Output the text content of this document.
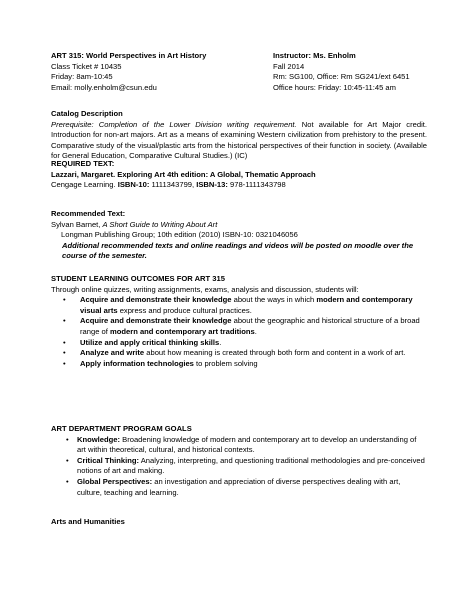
ART 315: World Perspectives in Art History
Class Ticket # 10435
Friday: 8am-10:45
Email: molly.enholm@csun.edu
Instructor: Ms. Enholm
Fall 2014
Rm: SG100, Office: Rm SG241/ext 6451
Office hours: Friday: 10:45-11:45 am
Catalog Description
Prerequisite: Completion of the Lower Division writing requirement. Not available for Art Major credit. Introduction for non-art majors. Art as a means of examining Western civilization from prehistory to the present. Comparative study of the visual/plastic arts from the historical perspectives of their function in society. (Available for General Education, Comparative Cultural Studies.) (IC)
REQUIRED TEXT:
Lazzari, Margaret. Exploring Art 4th edition: A Global, Thematic Approach
Cengage Learning. ISBN-10: 1111343799, ISBN-13: 978-1111343798
Recommended Text:
Sylvan Barnet, A Short Guide to Writing About Art
Longman Publishing Group; 10th edition (2010) ISBN-10: 0321046056
Additional recommended texts and online readings and videos will be posted on moodle over the course of the semester.
STUDENT LEARNING OUTCOMES FOR ART 315
Through online quizzes, writing assignments, exams, analysis and discussion, students will:
• Acquire and demonstrate their knowledge about the ways in which modern and contemporary visual arts express and produce cultural practices.
• Acquire and demonstrate their knowledge about the geographic and historical structure of a broad range of modern and contemporary art traditions.
• Utilize and apply critical thinking skills.
• Analyze and write about how meaning is created through both form and content in a work of art.
• Apply information technologies to problem solving
ART DEPARTMENT PROGRAM GOALS
• Knowledge: Broadening knowledge of modern and contemporary art to develop an understanding of art within theoretical, cultural, and historical contexts.
• Critical Thinking: Analyzing, interpreting, and questioning traditional methodologies and pre-conceived notions of art and making.
• Global Perspectives: an investigation and appreciation of diverse perspectives dealing with art, culture, teaching and learning.
Arts and Humanities
